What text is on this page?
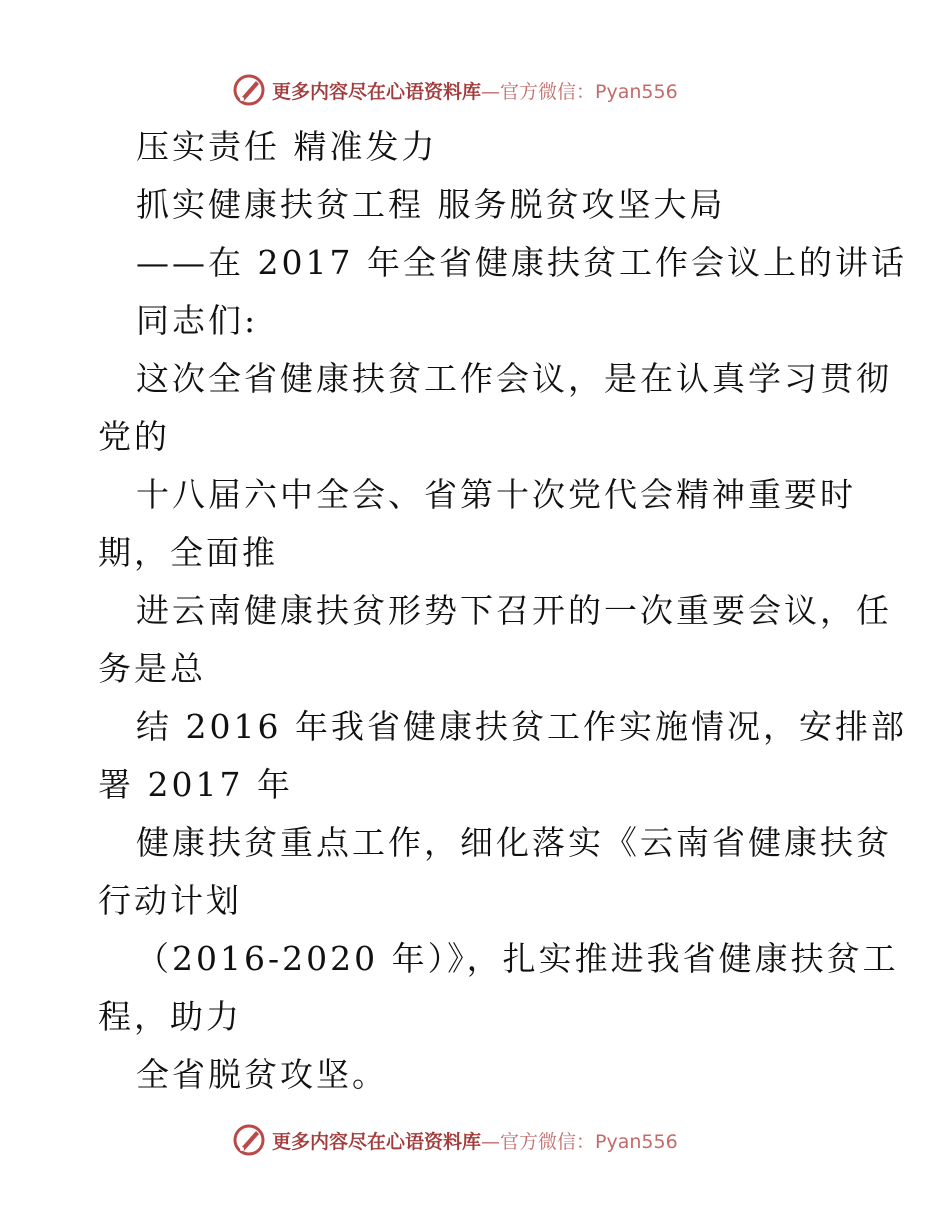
更多内容尽在心语资料库 —官方微信：Pyan556
压实责任 精准发力
抓实健康扶贫工程 服务脱贫攻坚大局
——在 2017 年全省健康扶贫工作会议上的讲话
同志们:
这次全省健康扶贫工作会议，是在认真学习贯彻
党的
十八届六中全会、省第十次党代会精神重要时
期，全面推
进云南健康扶贫形势下召开的一次重要会议，任
务是总
结 2016 年我省健康扶贫工作实施情况，安排部
署 2017 年
健康扶贫重点工作，细化落实《云南省健康扶贫
行动计划
（2016-2020 年）》，扎实推进我省健康扶贫工
程，助力
全省脱贫攻坚。
更多内容尽在心语资料库 —官方微信：Pyan556
